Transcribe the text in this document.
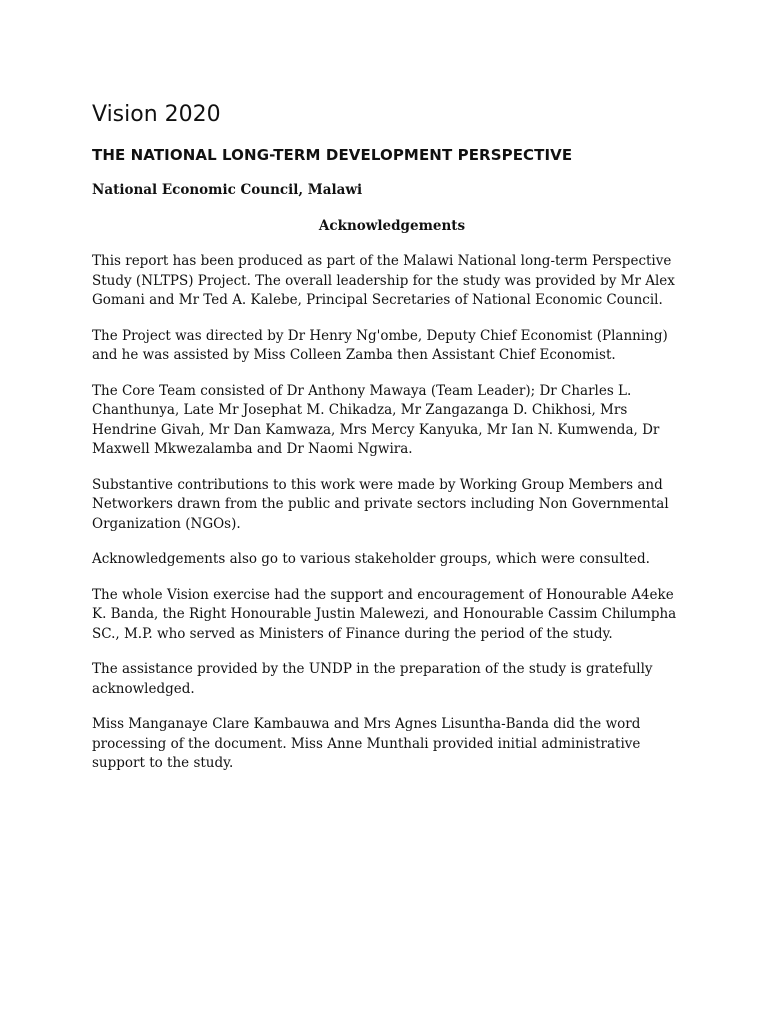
Vision 2020
THE NATIONAL LONG-TERM DEVELOPMENT PERSPECTIVE

National Economic Council, Malawi

Acknowledgements

This report has been produced as part of the Malawi National long-term Perspective Study (NLTPS) Project. The overall leadership for the study was provided by Mr Alex Gomani and Mr Ted A. Kalebe, Principal Secretaries of National Economic Council.

The Project was directed by Dr Henry Ng'ombe, Deputy Chief Economist (Planning) and he was assisted by Miss Colleen Zamba then Assistant Chief Economist.

The Core Team consisted of Dr Anthony Mawaya (Team Leader); Dr Charles L. Chanthunya, Late Mr Josephat M. Chikadza, Mr Zangazanga D. Chikhosi, Mrs Hendrine Givah, Mr Dan Kamwaza, Mrs Mercy Kanyuka, Mr Ian N. Kumwenda, Dr Maxwell Mkwezalamba and Dr Naomi Ngwira.

Substantive contributions to this work were made by Working Group Members and Networkers drawn from the public and private sectors including Non Governmental Organization (NGOs).

Acknowledgements also go to various stakeholder groups, which were consulted.

The whole Vision exercise had the support and encouragement of Honourable A4eke K. Banda, the Right Honourable Justin Malewezi, and Honourable Cassim Chilumpha SC., M.P. who served as Ministers of Finance during the period of the study.

The assistance provided by the UNDP in the preparation of the study is gratefully acknowledged.

Miss Manganaye Clare Kambauwa and Mrs Agnes Lisuntha-Banda did the word processing of the document. Miss Anne Munthali provided initial administrative support to the study.
